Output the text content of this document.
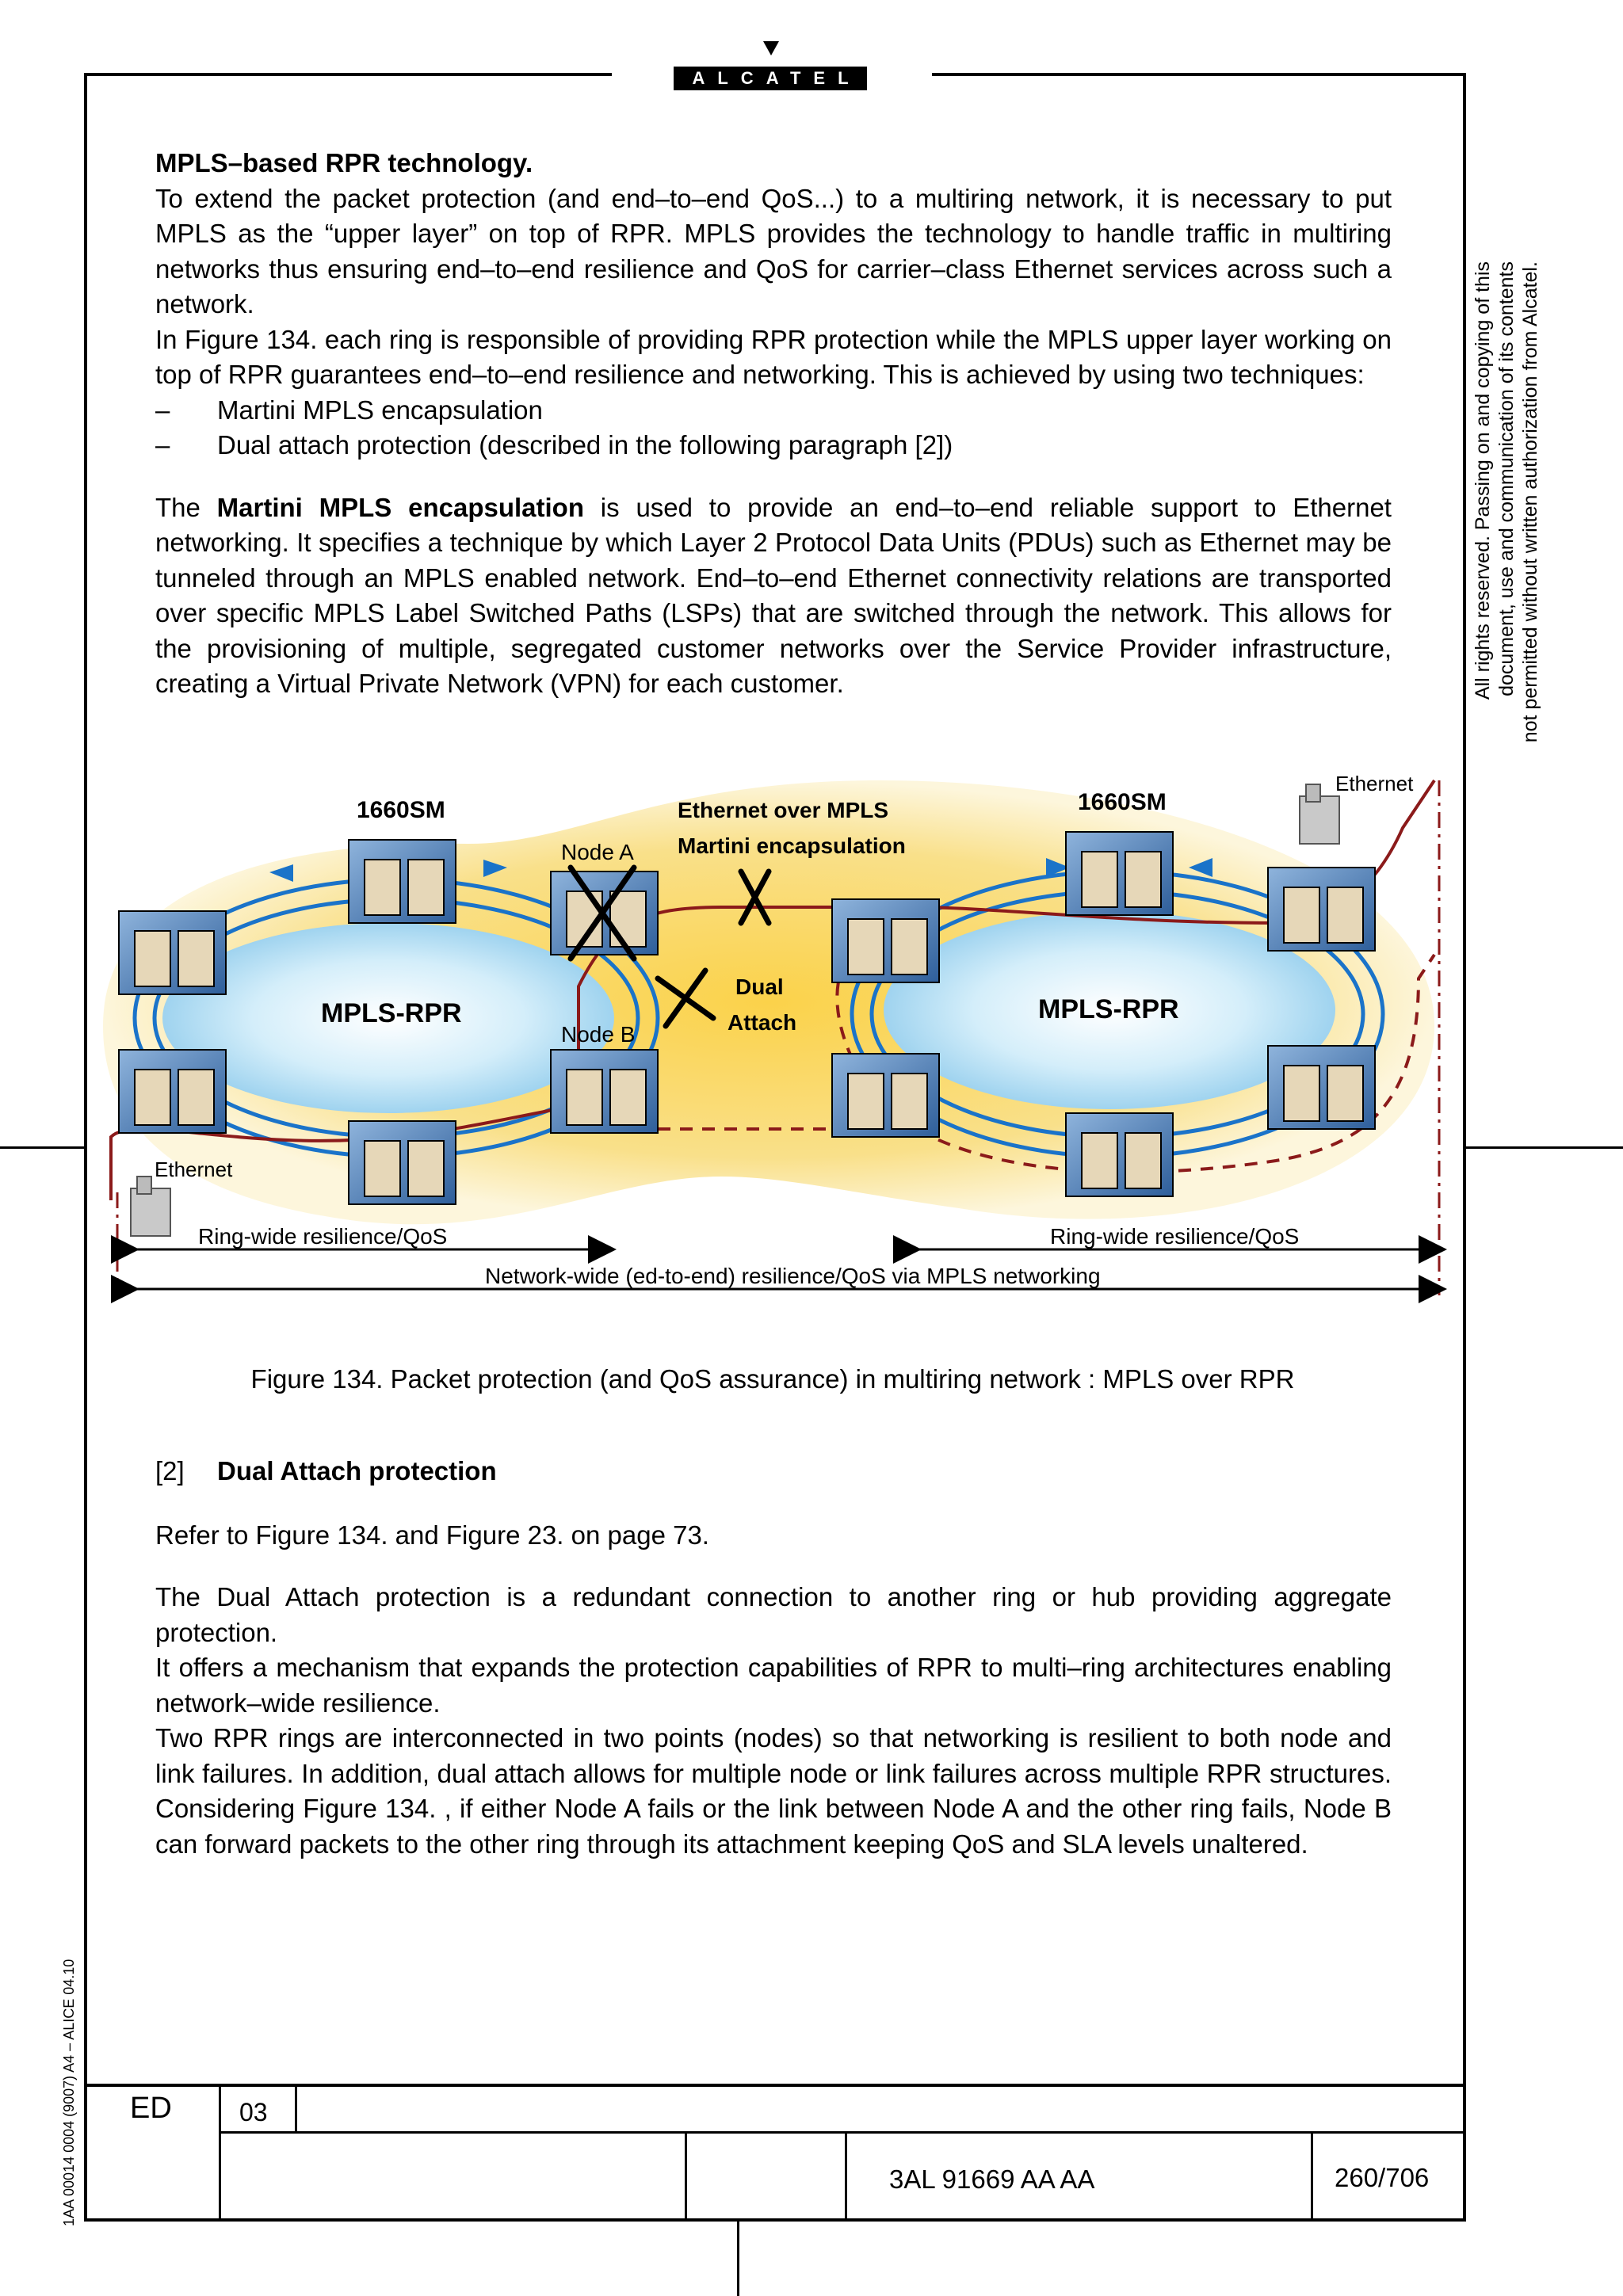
ALCATEL
MPLS–based RPR technology.

To extend the packet protection (and end–to–end QoS...) to a multiring network, it is necessary to put MPLS as the “upper layer” on top of RPR. MPLS provides the technology to handle traffic in multiring networks thus ensuring end–to–end resilience and QoS for carrier–class Ethernet services across such a network.

In Figure 134. each ring is responsible of providing RPR protection while the MPLS upper layer working on top of RPR guarantees end–to–end resilience and networking. This is achieved by using two techniques:

–	Martini MPLS encapsulation
–	Dual attach protection (described in the following paragraph [2])

The Martini MPLS encapsulation is used to provide an end–to–end reliable support to Ethernet networking. It specifies a technique by which Layer 2 Protocol Data Units (PDUs) such as Ethernet may be tunneled through an MPLS enabled network. End–to–end Ethernet connectivity relations are transported over specific MPLS Label Switched Paths (LSPs) that are switched through the network. This allows for the provisioning of multiple, segregated customer networks over the Service Provider infrastructure, creating a Virtual Private Network (VPN) for each customer.	All rights reserved. Passing on and copying of this document, use and communication of its contents not permitted without written authorization from Alcatel.
1660SM	1660SM
Ethernet over MPLS
Martini encapsulation
Node A
Node B
Dual
Attach
MPLS-RPR	MPLS-RPR
Ethernet
Ethernet
Ring-wide resilience/QoS	Ring-wide resilience/QoS
Network-wide (ed-to-end) resilience/QoS via MPLS networking
Figure 134. Packet protection (and QoS assurance) in multiring network : MPLS over RPR
[2] Dual Attach protection

Refer to Figure 134. and Figure 23. on page 73.

The Dual Attach protection is a redundant connection to another ring or hub providing aggregate protection.

It offers a mechanism that expands the protection capabilities of RPR to multi–ring architectures enabling network–wide resilience.

Two RPR rings are interconnected in two points (nodes) so that networking is resilient to both node and link failures. In addition, dual attach allows for multiple node or link failures across multiple RPR structures. Considering Figure 134. , if either Node A fails or the link between Node A and the other ring fails, Node B can forward packets to the other ring through its attachment keeping QoS and SLA levels unaltered.

1AA 00014 0004 (9007) A4 – ALICE 04.10 ED	03
3AL 91669 AA AA	260/706
